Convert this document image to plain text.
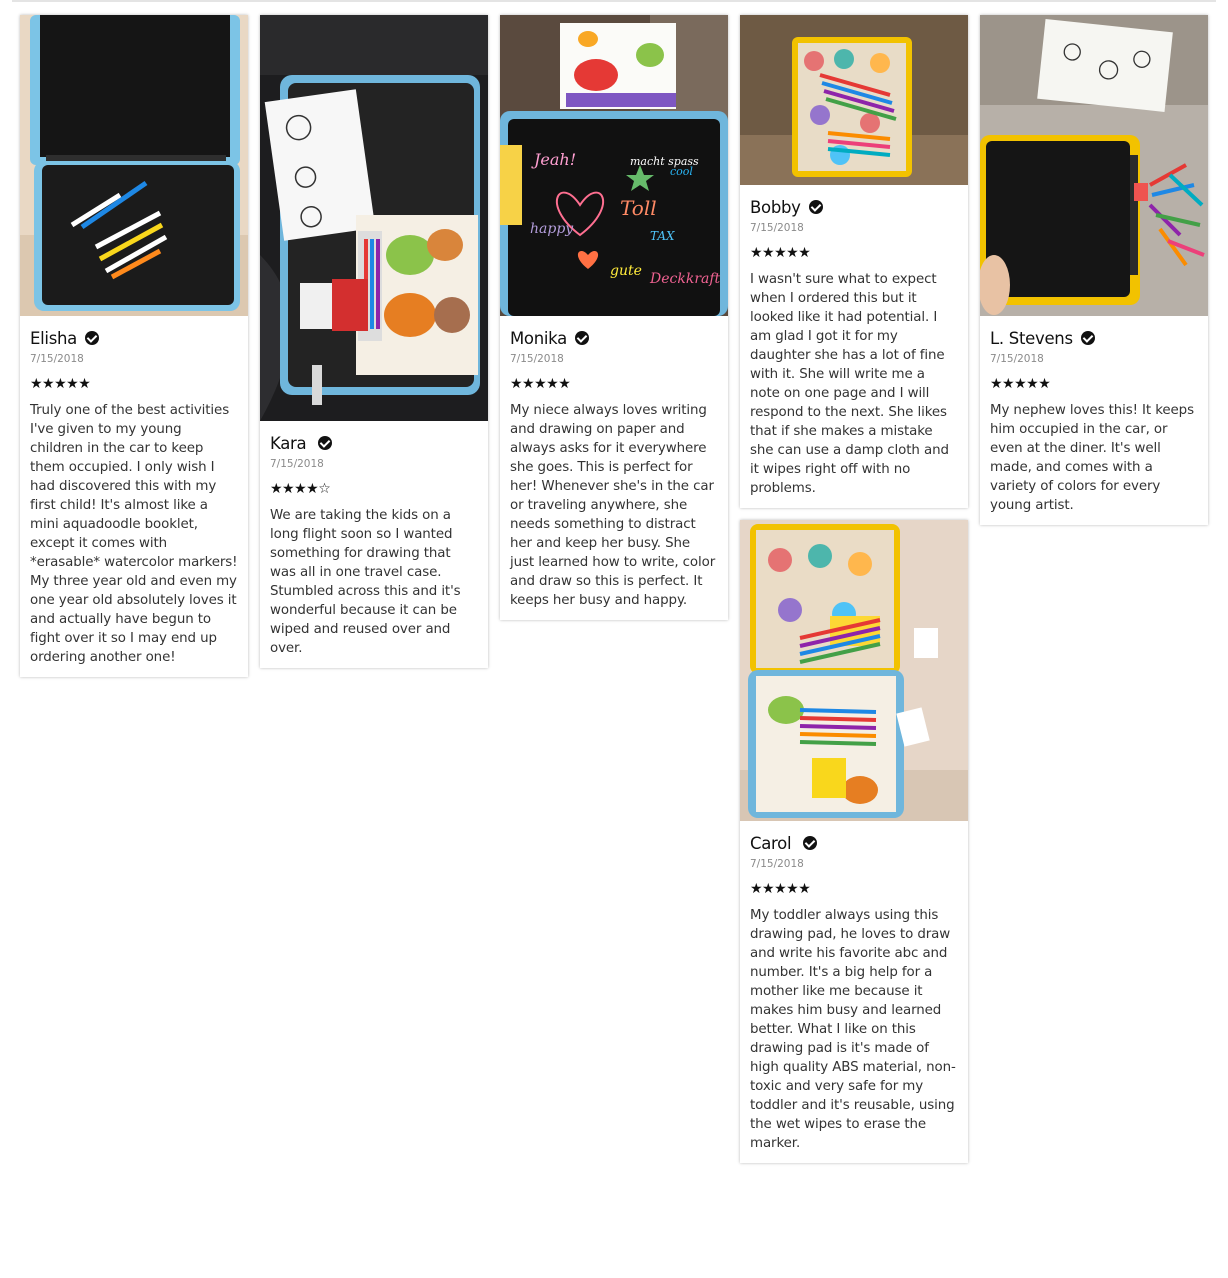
Elisha
7/15/2018
★★★★★
Truly one of the best activities I've given to my young children in the car to keep them occupied. I only wish I had discovered this with my first child! It's almost like a mini aquadoodle booklet, except it comes with *erasable* watercolor markers! My three year old and even my one year old absolutely loves it and actually have begun to fight over it so I may end up ordering another one!
Kara
7/15/2018
★★★★☆
We are taking the kids on a long flight soon so I wanted something for drawing that was all in one travel case. Stumbled across this and it's wonderful because it can be wiped and reused over and over.
Jeah!	macht spass
Toll
happy	TAX
gute Deckkraft
cool
Monika
7/15/2018
★★★★★
My niece always loves writing and drawing on paper and always asks for it everywhere she goes. This is perfect for her! Whenever she's in the car or traveling anywhere, she needs something to distract her and keep her busy. She just learned how to write, color and draw so this is perfect. It keeps her busy and happy.
Bobby
7/15/2018
★★★★★
I wasn't sure what to expect when I ordered this but it looked like it had potential. I am glad I got it for my daughter she has a lot of fine with it. She will write me a note on one page and I will respond to the next. She likes that if she makes a mistake she can use a damp cloth and it wipes right off with no problems.
Carol
7/15/2018
★★★★★
My toddler always using this drawing pad, he loves to draw and write his favorite abc and number. It's a big help for a mother like me because it makes him busy and learned better. What I like on this drawing pad is it's made of high quality ABS material, non-toxic and very safe for my toddler and it's reusable, using the wet wipes to erase the marker.
L. Stevens
7/15/2018
★★★★★
My nephew loves this! It keeps him occupied in the car, or even at the diner. It's well made, and comes with a variety of colors for every young artist.
